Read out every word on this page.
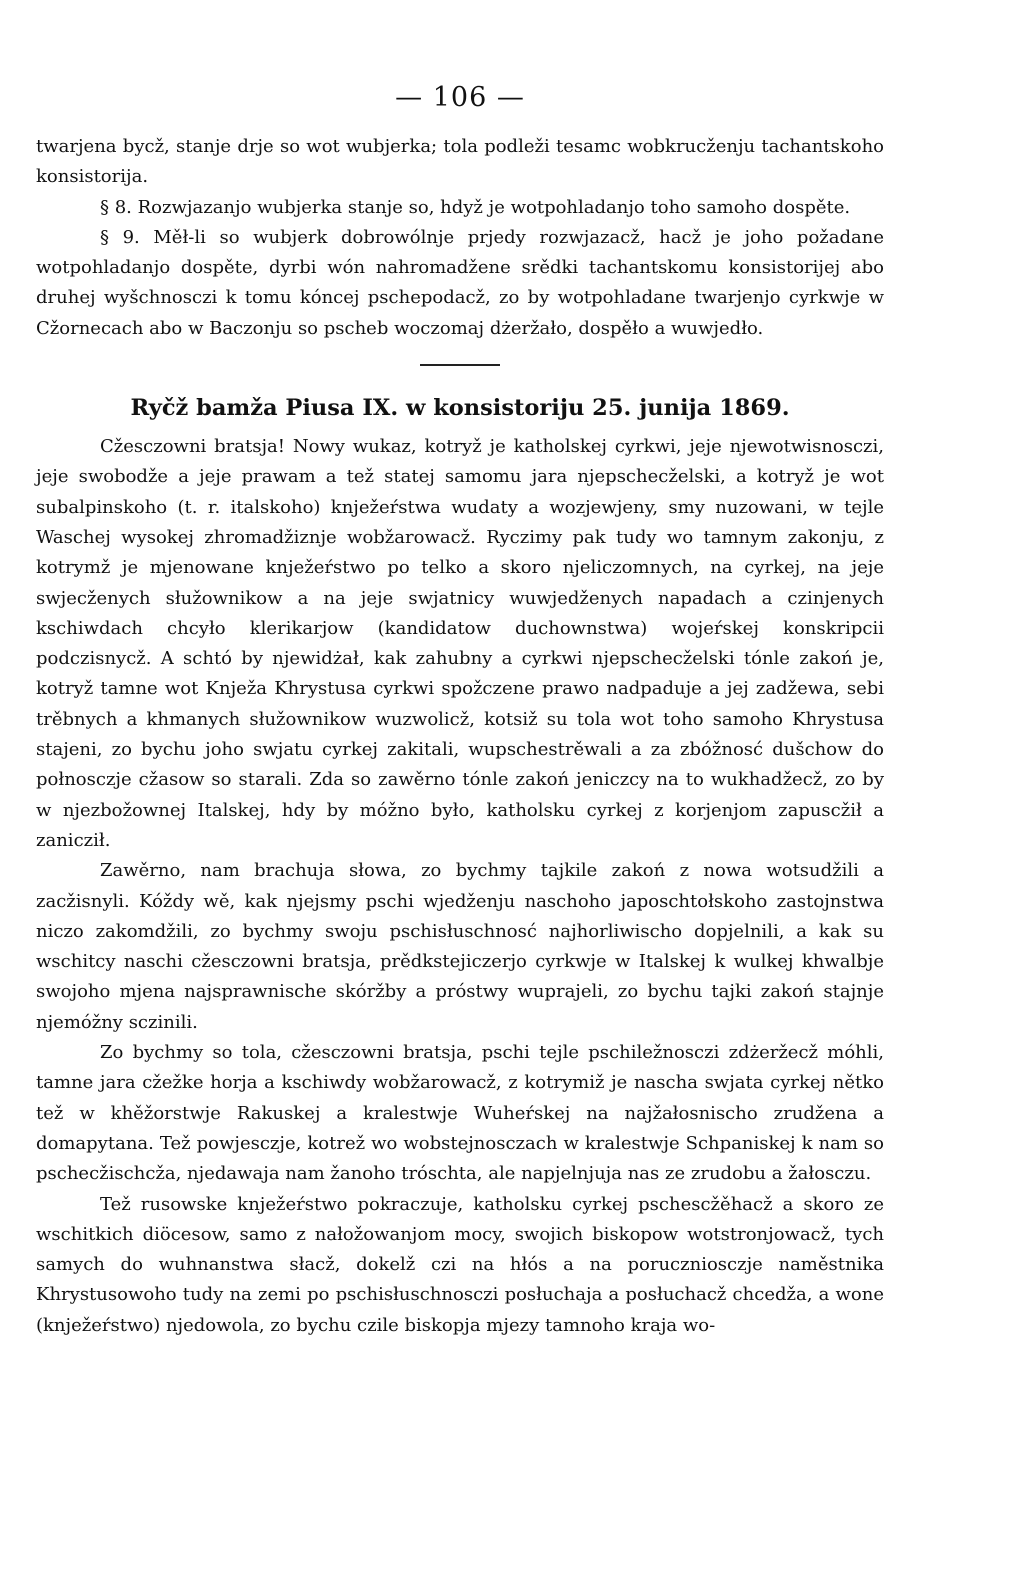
— 106 —

twarjena bycž, stanje drje so wot wubjerka; tola podleži tesamc wobkrucženju tachantskoho konsistorija.

§ 8. Rozwjazanjo wubjerka stanje so, hdyž je wotpohladanjo toho samoho dospěte.

§ 9. Měł-li so wubjerk dobrowólnje prjedy rozwjazacž, hacž je joho požadane wotpohladanjo dospěte, dyrbi wón nahromadžene srědki tachantskomu konsistorijej abo druhej wyšchnosczi k tomu kóncej pschepodacž, zo by wotpohladane twarjenjo cyrkwje w Cžornecach abo w Baczonju so pscheb woczomaj dżeržało, dospěło a wuwjedło.

Ryčž bamža Piusa IX. w konsistoriju 25. junija 1869.

Cžesczowni bratsja! Nowy wukaz, kotryž je katholskej cyrkwi, jeje njewotwisnosczi, jeje swobodže a jeje prawam a tež statej samomu jara njepschecželski, a kotryž je wot subalpinskoho (t. r. italskoho) knježeŕstwa wudaty a wozjewjeny, smy nuzowani, w tejle Waschej wysokej zhromadžiznje wobžarowacž. Ryczimy pak tudy wo tamnym zakonju, z kotrymž je mjenowane knježeŕstwo po telko a skoro njeliczomnych, na cyrkej, na jeje swjecženych słužownikow a na jeje swjatnicy wuwjedženych napadach a czinjenych kschiwdach chcyło klerikarjow (kandidatow duchownstwa) wojeŕskej konskripcii podczisnycž. A schtó by njewidżał, kak zahubny a cyrkwi njepschecželski tónle zakoń je, kotryž tamne wot Knježa Khrystusa cyrkwi spožczene prawo nadpaduje a jej zadžewa, sebi trěbnych a khmanych słužownikow wuzwolicž, kotsiž su tola wot toho samoho Khrystusa stajeni, zo bychu joho swjatu cyrkej zakitali, wupschestrěwali a za zbóžnosć dušchow do połnosczje cžasow so starali. Zda so zawěrno tónle zakoń jeniczcy na to wukhadžecž, zo by w njezbožownej Italskej, hdy by móžno było, katholsku cyrkej z korjenjom zapuscžił a zanicził.

Zawěrno, nam brachuja słowa, zo bychmy tajkile zakoń z nowa wotsudžili a zacžisnyli. Kóždy wě, kak njejsmy pschi wjedženju naschoho japoschtołskoho zastojnstwa niczo zakomdžili, zo bychmy swoju pschisłuschnosć najhorliwischo dopjelnili, a kak su wschitcy naschi cžesczowni bratsja, prědkstejiczerjo cyrkwje w Italskej k wulkej khwalbje swojoho mjena najsprawnische skóržby a próstwy wuprajeli, zo bychu tajki zakoń stajnje njemóžny sczinili.

Zo bychmy so tola, cžesczowni bratsja, pschi tejle pschiležnosczi zdżeržecž móhli, tamne jara cžežke horja a kschiwdy wobžarowacž, z kotrymiž je nascha swjata cyrkej nětko tež w khěžorstwje Rakuskej a kralestwje Wuheŕskej na najžałosnischo zrudžena a domapytana. Tež powjesczje, kotrež wo wobstejnosczach w kralestwje Schpaniskej k nam so pschecžischcža, njedawaja nam žanoho tróschta, ale napjelnjuja nas ze zrudobu a žałosczu.

Tež rusowske knježeŕstwo pokraczuje, katholsku cyrkej pschescžěhacž a skoro ze wschitkich diöcesow, samo z nałožowanjom mocy, swojich biskopow wotstronjowacž, tych samych do wuhnanstwa słacž, dokelž czi na hłós a na poruczniosczje naměstnika Khrystusowoho tudy na zemi po pschisłuschnosczi posłuchaja a posłuchacž chcedža, a wone (knježeŕstwo) njedowola, zo bychu czile biskopja mjezy tamnoho kraja wo-
